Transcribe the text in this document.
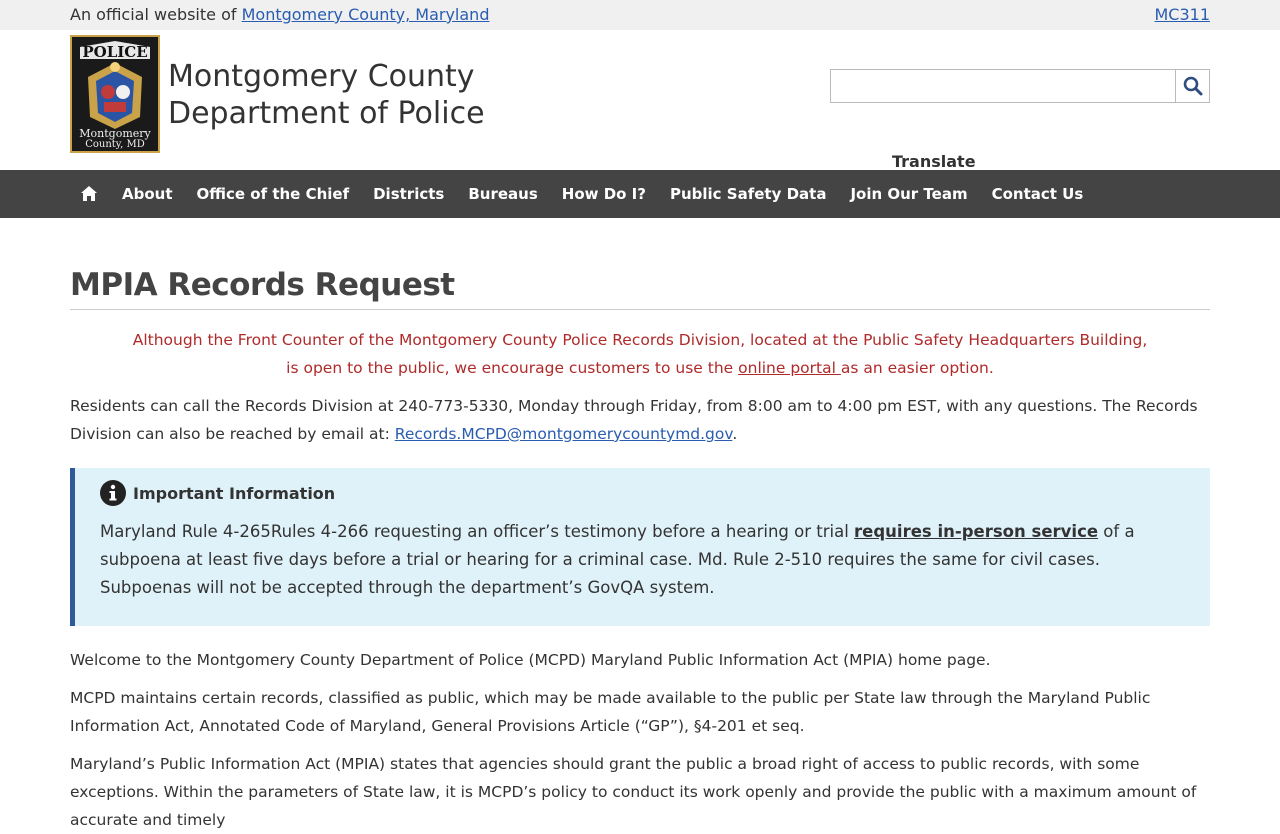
An official website of Montgomery County, Maryland	MC311
POLICE
Montgomery
County, MD
Montgomery County
Department of Police
Translate
About Office of the Chief Districts Bureaus How Do I? Public Safety Data Join Our Team Contact Us
MPIA Records Request
Although the Front Counter of the Montgomery County Police Records Division, located at the Public Safety Headquarters Building,
is open to the public, we encourage customers to use the online portal as an easier option.

Residents can call the Records Division at 240-773-5330, Monday through Friday, from 8:00 am to 4:00 pm EST, with any questions. The Records Division can also be reached by email at: Records.MCPD@montgomerycountymd.gov.

Important Information

Maryland Rule 4-265Rules 4-266 requesting an officer’s testimony before a hearing or trial requires in-person service of a subpoena at least five days before a trial or hearing for a criminal case. Md. Rule 2-510 requires the same for civil cases. Subpoenas will not be accepted through the department’s GovQA system.

Welcome to the Montgomery County Department of Police (MCPD) Maryland Public Information Act (MPIA) home page.

MCPD maintains certain records, classified as public, which may be made available to the public per State law through the Maryland Public Information Act, Annotated Code of Maryland, General Provisions Article (“GP”), §4-201 et seq.

Maryland’s Public Information Act (MPIA) states that agencies should grant the public a broad right of access to public records, with some exceptions. Within the parameters of State law, it is MCPD’s policy to conduct its work openly and provide the public with a maximum amount of accurate and timely
